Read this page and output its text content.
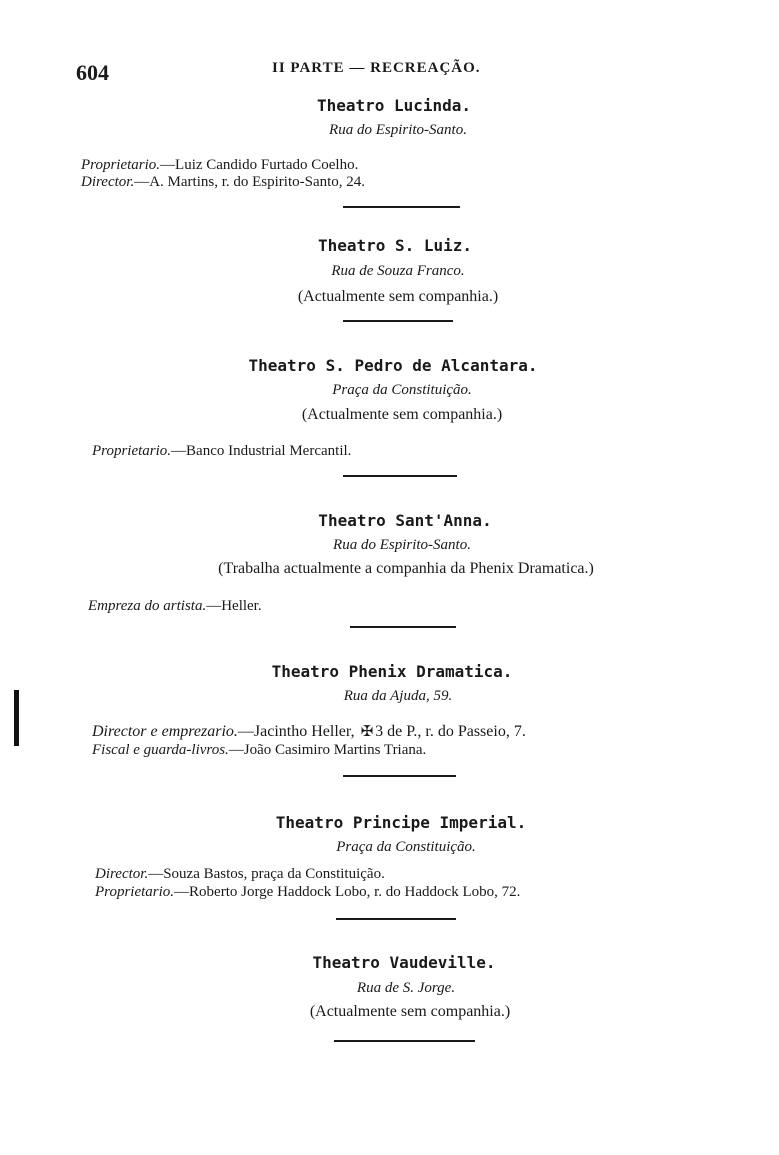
604	II PARTE — RECREAÇÃO.
Theatro Lucinda.
Rua do Espirito-Santo.
Proprietario.—Luiz Candido Furtado Coelho.
Director.—A. Martins, r. do Espirito-Santo, 24.
Theatro S. Luiz.
Rua de Souza Franco.
(Actualmente sem companhia.)
Theatro S. Pedro de Alcantara.
Praça da Constituição.
(Actualmente sem companhia.)
Proprietario.—Banco Industrial Mercantil.
Theatro Sant'Anna.
Rua do Espirito-Santo.
(Trabalha actualmente a companhia da Phenix Dramatica.)
Empreza do artista.—Heller.
Theatro Phenix Dramatica.
Rua da Ajuda, 59.
Director e emprezario.—Jacintho Heller, ✠ 3 de P., r. do Passeio, 7.
Fiscal e guarda-livros.—João Casimiro Martins Triana.
Theatro Principe Imperial.
Praça da Constituição.
Director.—Souza Bastos, praça da Constituição.
Proprietario.—Roberto Jorge Haddock Lobo, r. do Haddock Lobo, 72.
Theatro Vaudeville.
Rua de S. Jorge.
(Actualmente sem companhia.)
